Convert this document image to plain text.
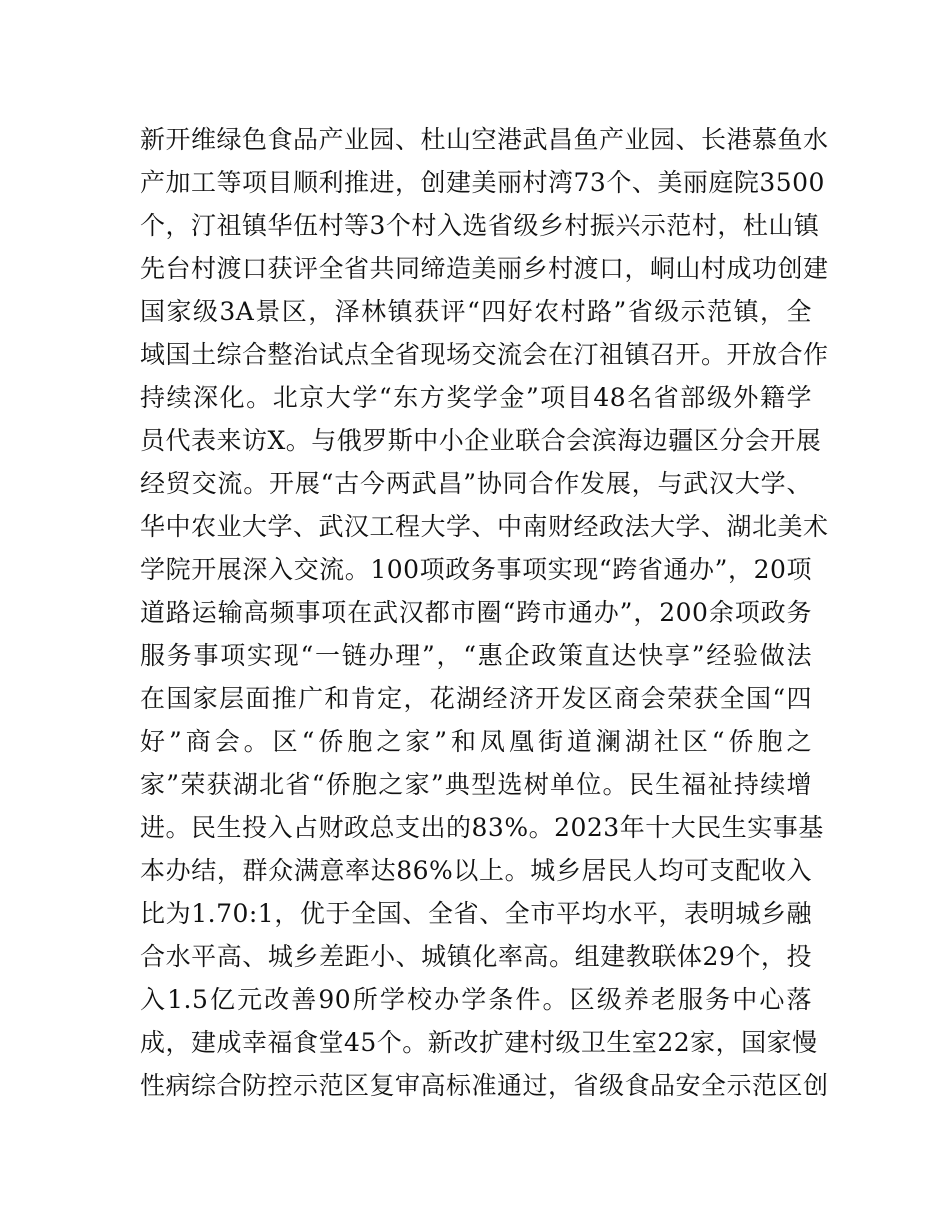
新开维绿色食品产业园、杜山空港武昌鱼产业园、长港慕鱼水
产加工等项目顺利推进，创建美丽村湾73个、美丽庭院3500
个，汀祖镇华伍村等3个村入选省级乡村振兴示范村，杜山镇
先台村渡口获评全省共同缔造美丽乡村渡口，峒山村成功创建
国家级3A景区，泽林镇获评“四好农村路”省级示范镇，全
域国土综合整治试点全省现场交流会在汀祖镇召开。开放合作
持续深化。北京大学“东方奖学金”项目48名省部级外籍学
员代表来访X。与俄罗斯中小企业联合会滨海边疆区分会开展
经贸交流。开展“古今两武昌”协同合作发展，与武汉大学、
华中农业大学、武汉工程大学、中南财经政法大学、湖北美术
学院开展深入交流。100项政务事项实现“跨省通办”，20项
道路运输高频事项在武汉都市圈“跨市通办”，200余项政务
服务事项实现“一链办理”，“惠企政策直达快享”经验做法
在国家层面推广和肯定，花湖经济开发区商会荣获全国“四
好”商会。区“侨胞之家”和凤凰街道澜湖社区“侨胞之
家”荣获湖北省“侨胞之家”典型选树单位。民生福祉持续增
进。民生投入占财政总支出的83%。2023年十大民生实事基
本办结，群众满意率达86%以上。城乡居民人均可支配收入
比为1.70:1，优于全国、全省、全市平均水平，表明城乡融
合水平高、城乡差距小、城镇化率高。组建教联体29个，投
入1.5亿元改善90所学校办学条件。区级养老服务中心落
成，建成幸福食堂45个。新改扩建村级卫生室22家，国家慢
性病综合防控示范区复审高标准通过，省级食品安全示范区创
